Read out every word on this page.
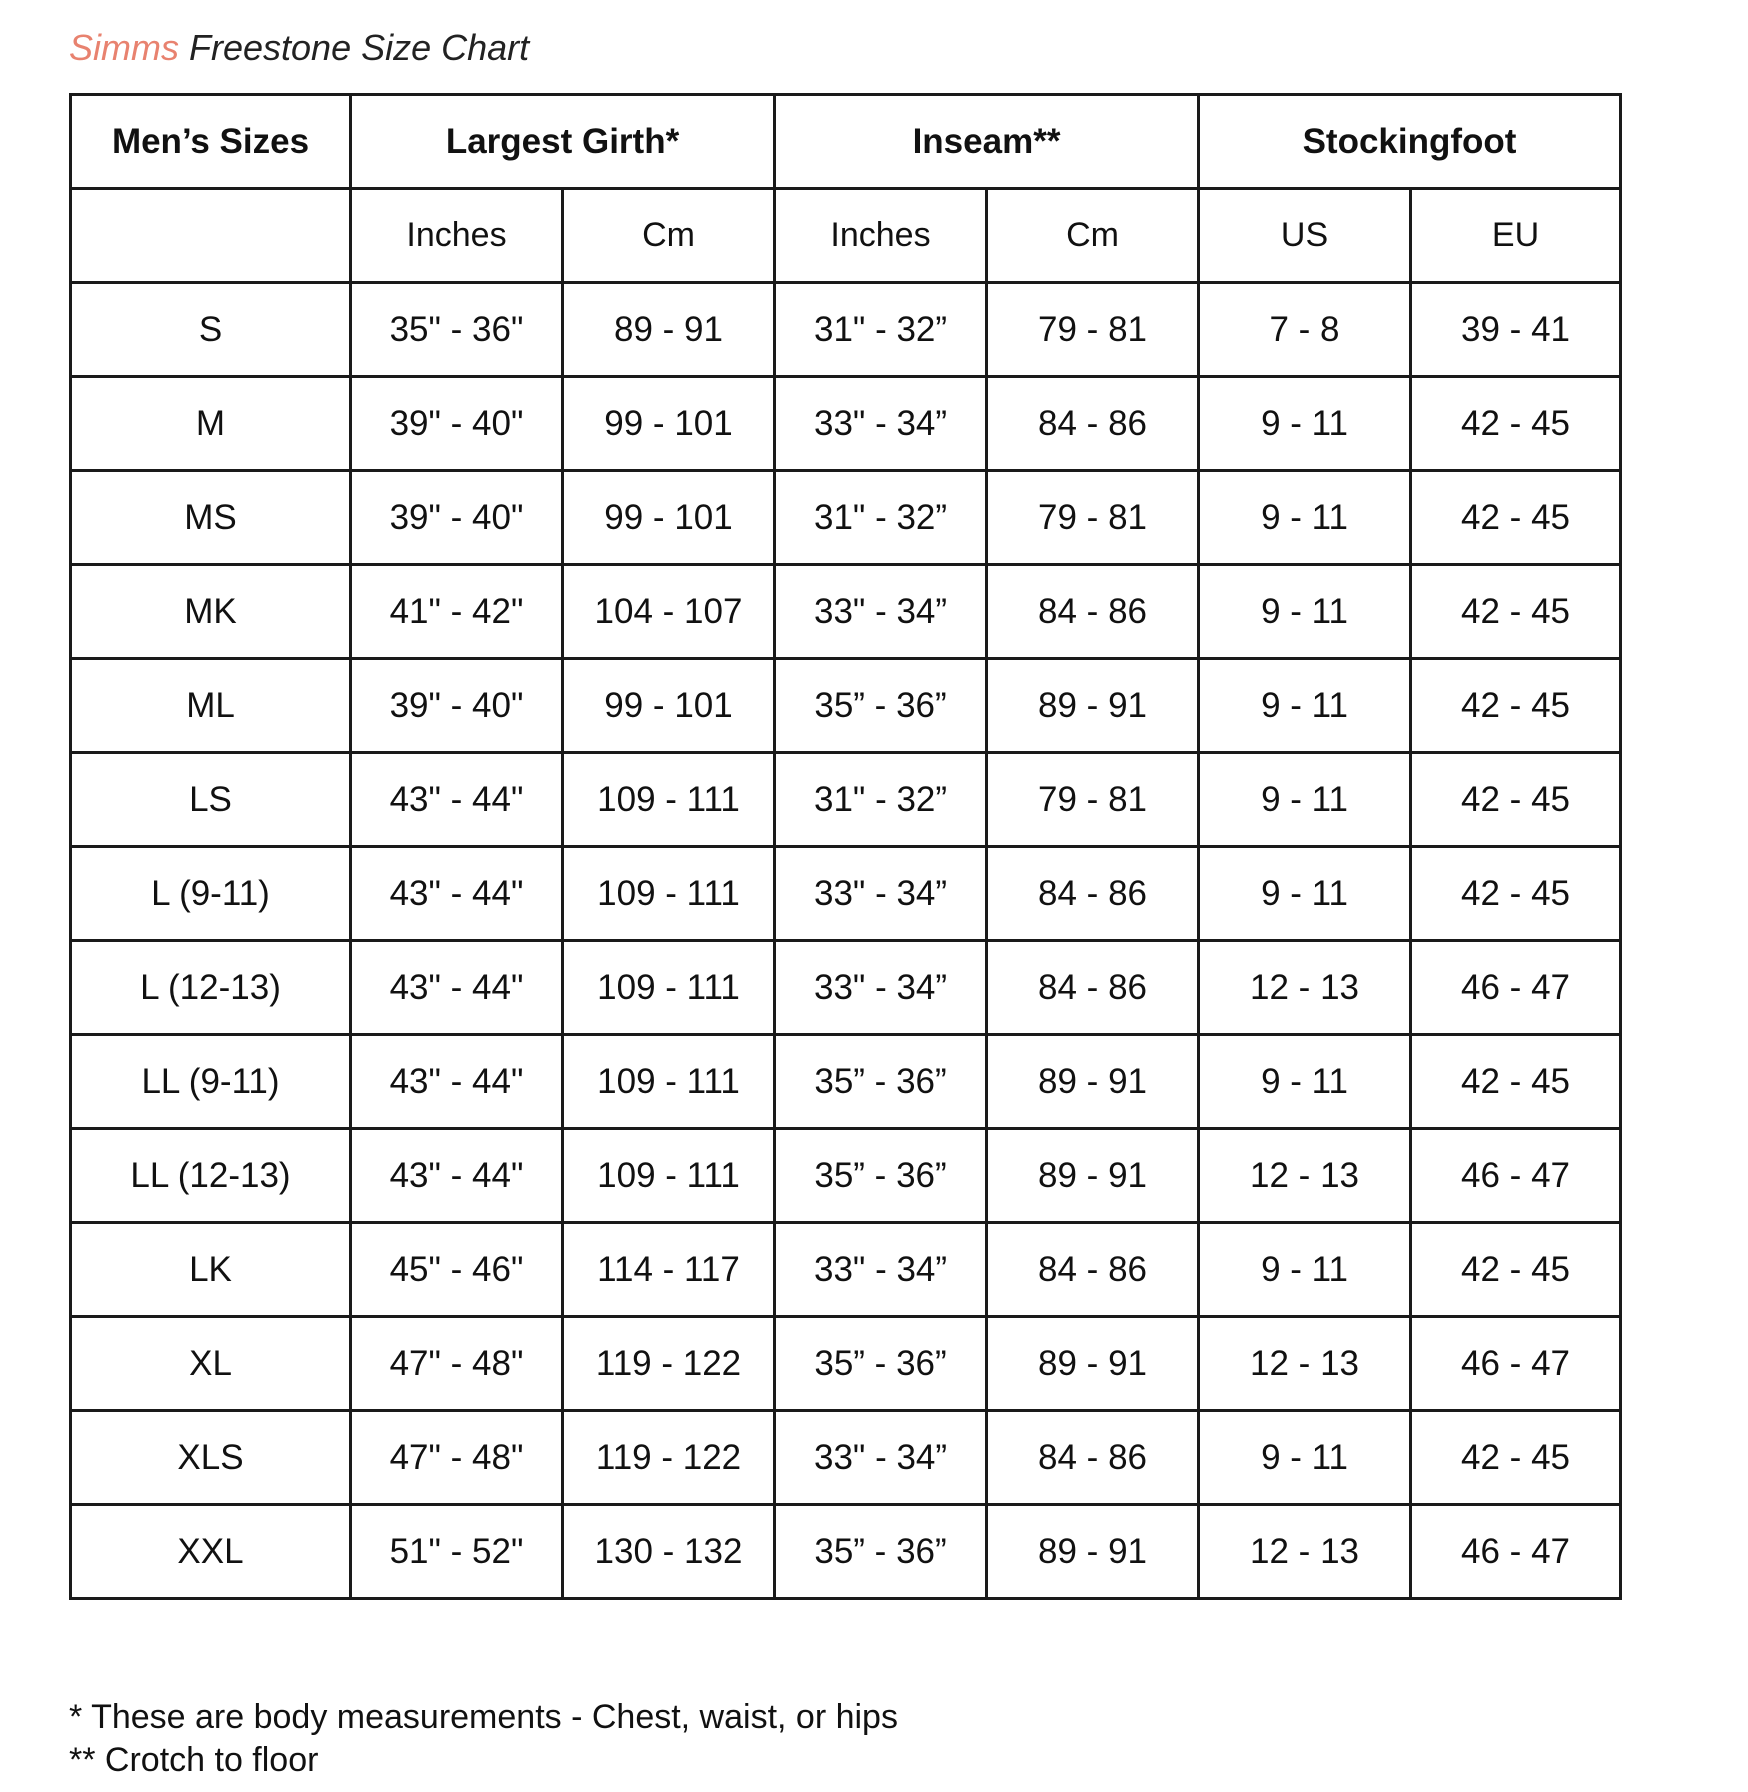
Simms Freestone Size Chart
Men’s Sizes	Largest Girth*		Inseam**		Stockingfoot	
	Inches	Cm	Inches	Cm	US	EU
S	35" - 36"	89 - 91	31" - 32”	79 - 81	7 - 8	39 - 41
M	39" - 40"	99 - 101	33" - 34”	84 - 86	9 - 11	42 - 45
MS	39" - 40"	99 - 101	31" - 32”	79 - 81	9 - 11	42 - 45
MK	41" - 42"	104 - 107	33" - 34”	84 - 86	9 - 11	42 - 45
ML	39" - 40"	99 - 101	35” - 36”	89 - 91	9 - 11	42 - 45
LS	43" - 44"	109 - 111	31" - 32”	79 - 81	9 - 11	42 - 45
L (9-11)	43" - 44"	109 - 111	33" - 34”	84 - 86	9 - 11	42 - 45
L (12-13)	43" - 44"	109 - 111	33" - 34”	84 - 86	12 - 13	46 - 47
LL (9-11)	43" - 44"	109 - 111	35” - 36”	89 - 91	9 - 11	42 - 45
LL (12-13)	43" - 44"	109 - 111	35” - 36”	89 - 91	12 - 13	46 - 47
LK	45" - 46"	114 - 117	33" - 34”	84 - 86	9 - 11	42 - 45
XL	47" - 48"	119 - 122	35” - 36”	89 - 91	12 - 13	46 - 47
XLS	47" - 48"	119 - 122	33" - 34”	84 - 86	9 - 11	42 - 45
XXL	51" - 52"	130 - 132	35” - 36”	89 - 91	12 - 13	46 - 47
* These are body measurements - Chest, waist, or hips
** Crotch to floor
